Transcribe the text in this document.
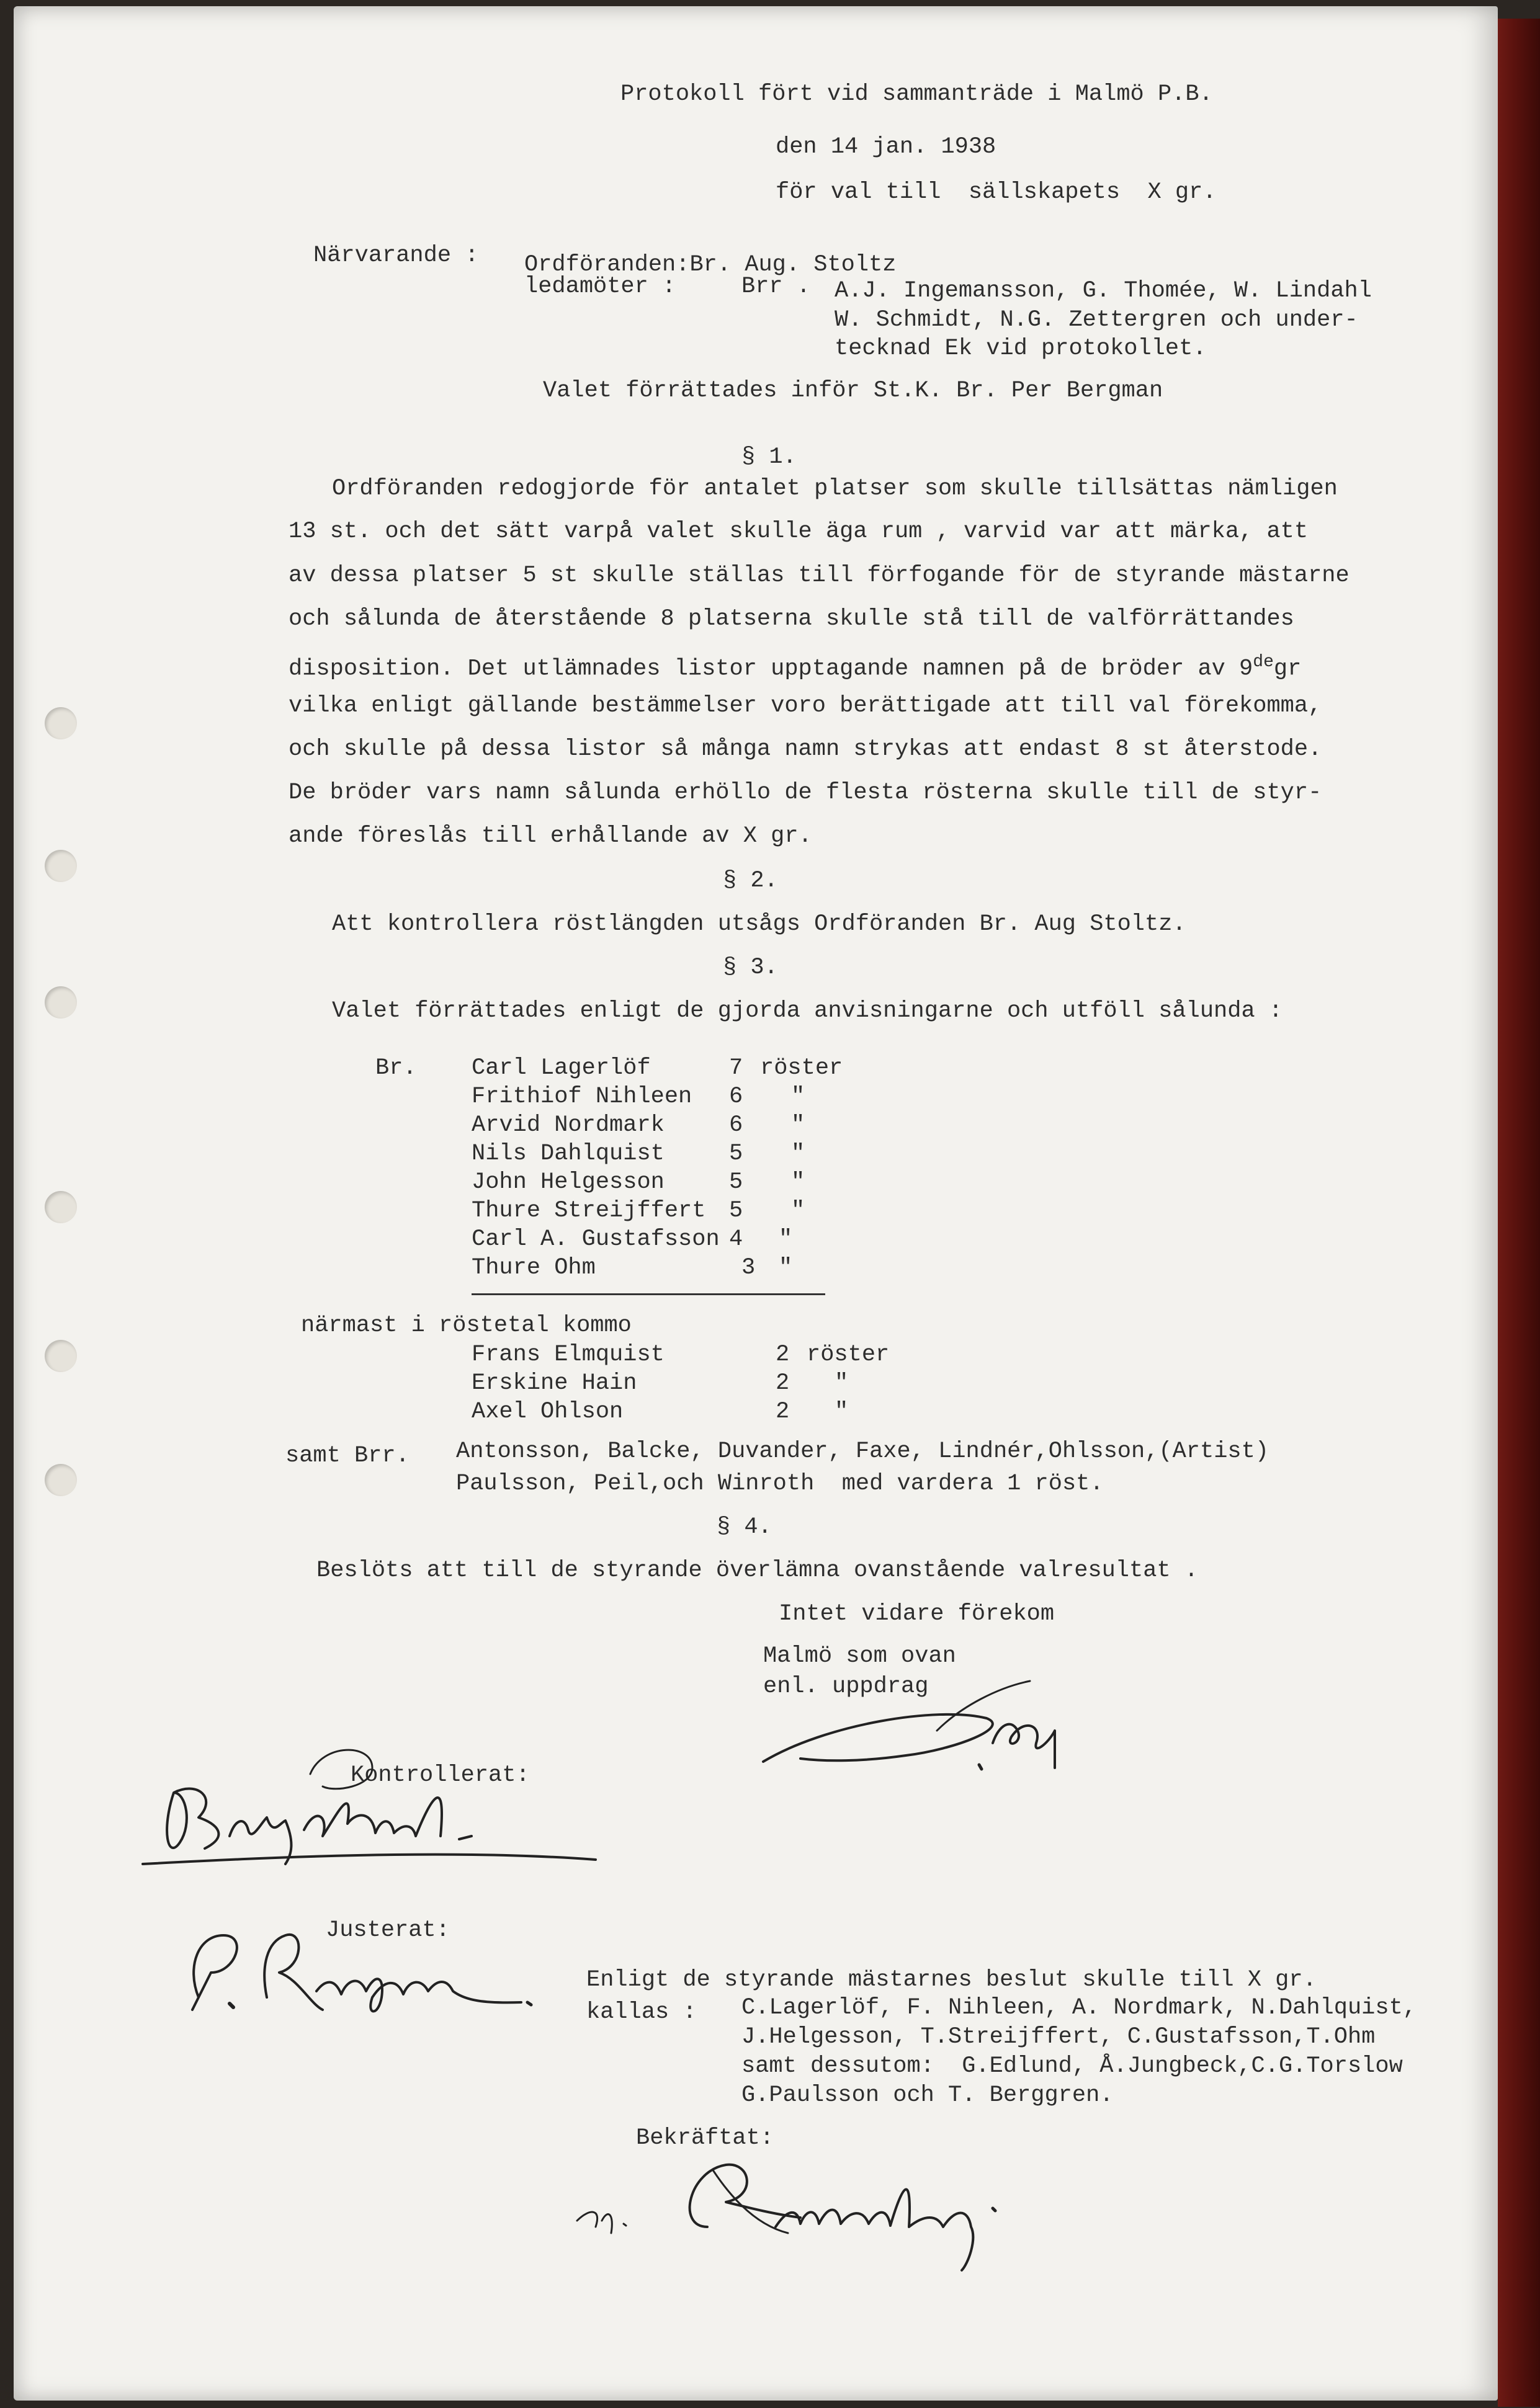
Protokoll fört vid sammanträde i Malmö P.B.
den 14 jan. 1938
för val till  sällskapets  X gr.
Närvarande : Ordföranden:Br. Aug. Stoltz
ledamöter :	Brr . A.J. Ingemansson, G. Thomée, W. Lindahl
W. Schmidt, N.G. Zettergren och under-
tecknad Ek vid protokollet.
Valet förrättades inför St.K. Br. Per Bergman
§ 1.
Ordföranden redogjorde för antalet platser som skulle tillsättas nämligen
13 st. och det sätt varpå valet skulle äga rum , varvid var att märka, att
av dessa platser 5 st skulle ställas till förfogande för de styrande mästarne
och sålunda de återstående 8 platserna skulle stå till de valförrättandes
disposition. Det utlämnades listor upptagande namnen på de bröder av 9degr
vilka enligt gällande bestämmelser voro berättigade att till val förekomma,
och skulle på dessa listor så många namn strykas att endast 8 st återstode.
De bröder vars namn sålunda erhöllo de flesta rösterna skulle till de styr-
ande föreslås till erhållande av X gr.
§ 2.
Att kontrollera röstlängden utsågs Ordföranden Br. Aug Stoltz.
§ 3.
Valet förrättades enligt de gjorda anvisningarne och utföll sålunda :
Br. Carl Lagerlöf	7 röster
Frithiof Nihleen 6 "
Arvid Nordmark	6 "
Nils Dahlquist	5 "
John Helgesson	5 "
Thure Streijffert 5 "
Carl A. Gustafsson 4 "
Thure Ohm	3 "
närmast i röstetal kommo
Frans Elmquist	2 röster
Erskine Hain	2 "
Axel Ohlson	2 "
samt Brr. Antonsson, Balcke, Duvander, Faxe, Lindnér,Ohlsson,(Artist)
Paulsson, Peil,och Winroth  med vardera 1 röst.
§ 4.
Beslöts att till de styrande överlämna ovanstående valresultat .
Intet vidare förekom
Malmö som ovan
enl. uppdrag
Kontrollerat:
Justerat:
Enligt de styrande mästarnes beslut skulle till X gr.
kallas : C.Lagerlöf, F. Nihleen, A. Nordmark, N.Dahlquist,
J.Helgesson, T.Streijffert, C.Gustafsson,T.Ohm
samt dessutom:  G.Edlund, Å.Jungbeck,C.G.Torslow
G.Paulsson och T. Berggren.
Bekräftat:
